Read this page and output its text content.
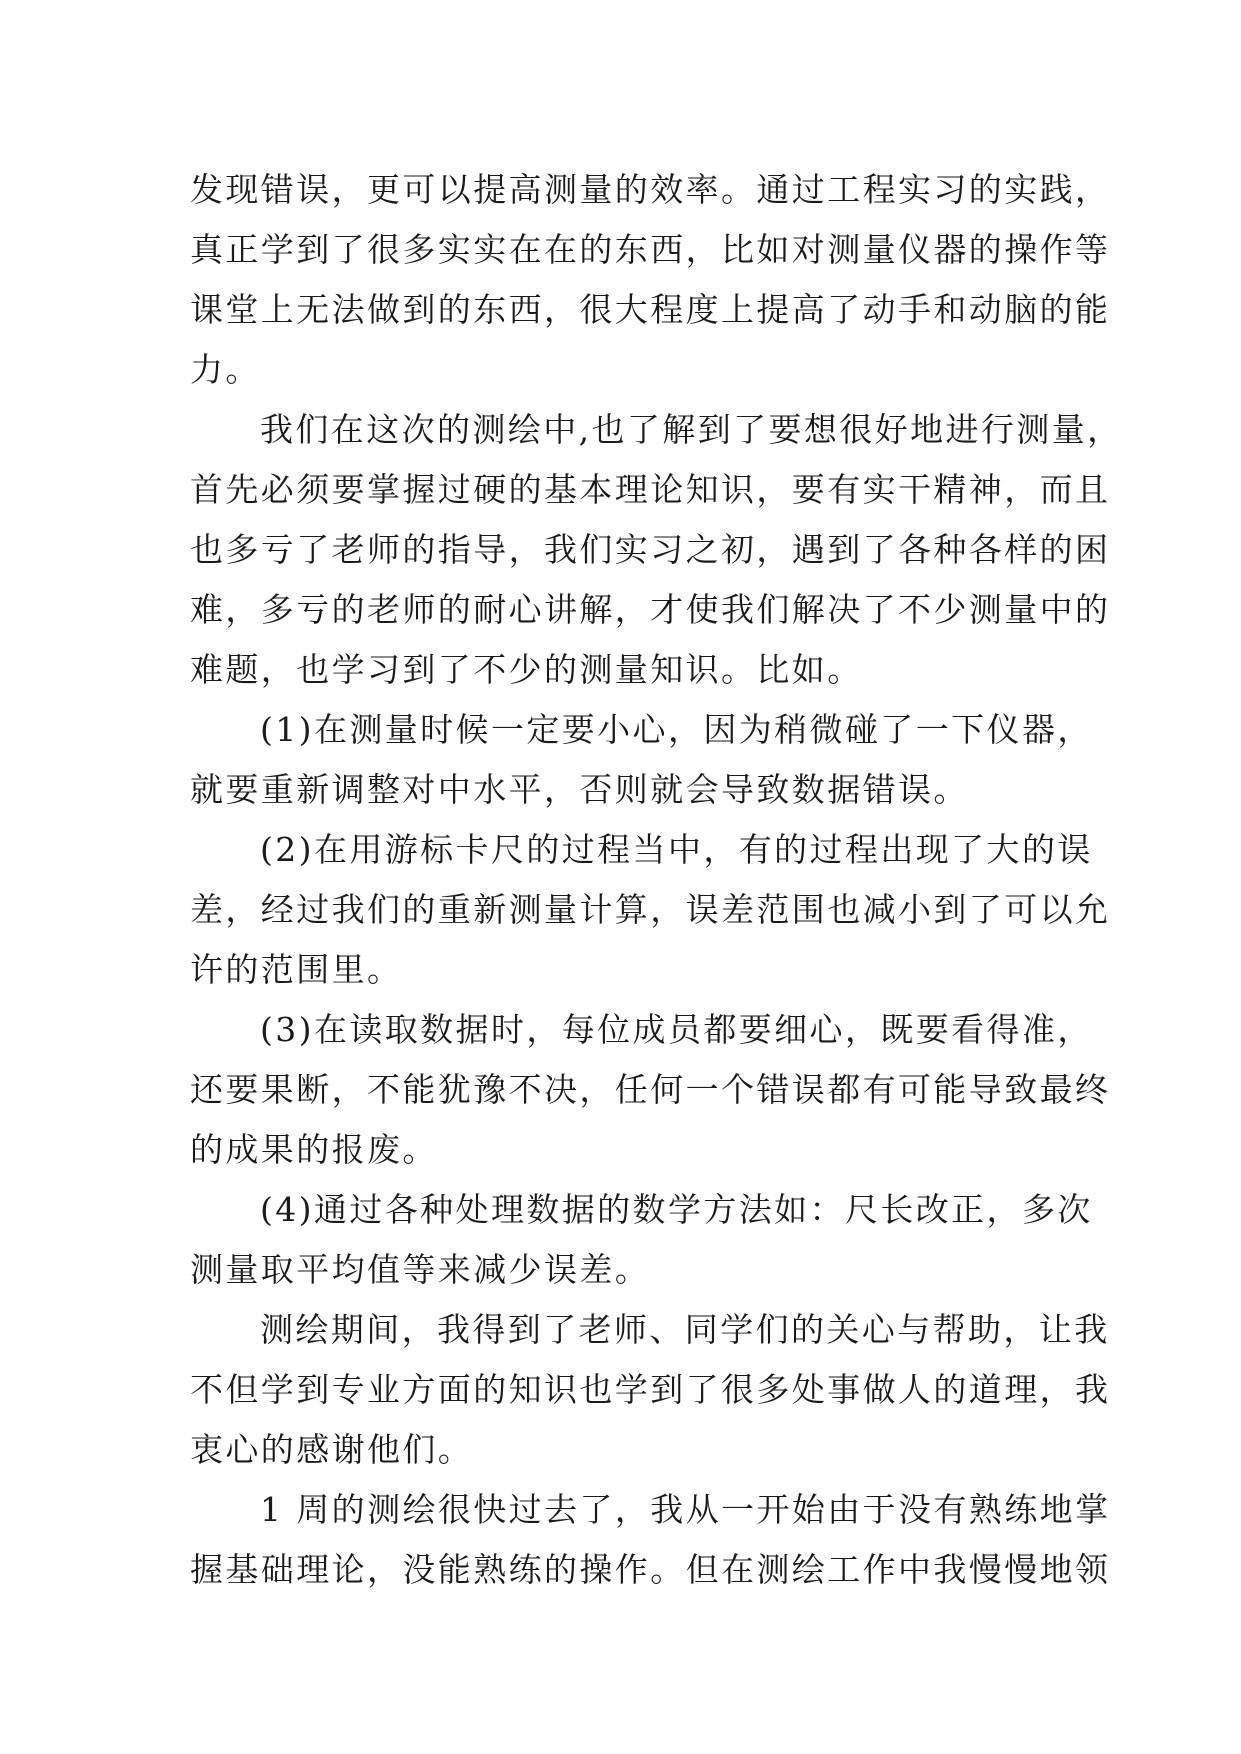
发现错误，更可以提高测量的效率。通过工程实习的实践，
真正学到了很多实实在在的东西，比如对测量仪器的操作等
课堂上无法做到的东西，很大程度上提高了动手和动脑的能
力。
我们在这次的测绘中,也了解到了要想很好地进行测量，
首先必须要掌握过硬的基本理论知识，要有实干精神，而且
也多亏了老师的指导，我们实习之初，遇到了各种各样的困
难，多亏的老师的耐心讲解，才使我们解决了不少测量中的
难题，也学习到了不少的测量知识。比如。
(1)在测量时候一定要小心，因为稍微碰了一下仪器，
就要重新调整对中水平，否则就会导致数据错误。
(2)在用游标卡尺的过程当中，有的过程出现了大的误
差，经过我们的重新测量计算，误差范围也减小到了可以允
许的范围里。
(3)在读取数据时，每位成员都要细心，既要看得准，
还要果断，不能犹豫不决，任何一个错误都有可能导致最终
的成果的报废。
(4)通过各种处理数据的数学方法如：尺长改正，多次
测量取平均值等来减少误差。
测绘期间，我得到了老师、同学们的关心与帮助，让我
不但学到专业方面的知识也学到了很多处事做人的道理，我
衷心的感谢他们。
1 周的测绘很快过去了，我从一开始由于没有熟练地掌
握基础理论，没能熟练的操作。但在测绘工作中我慢慢地领
